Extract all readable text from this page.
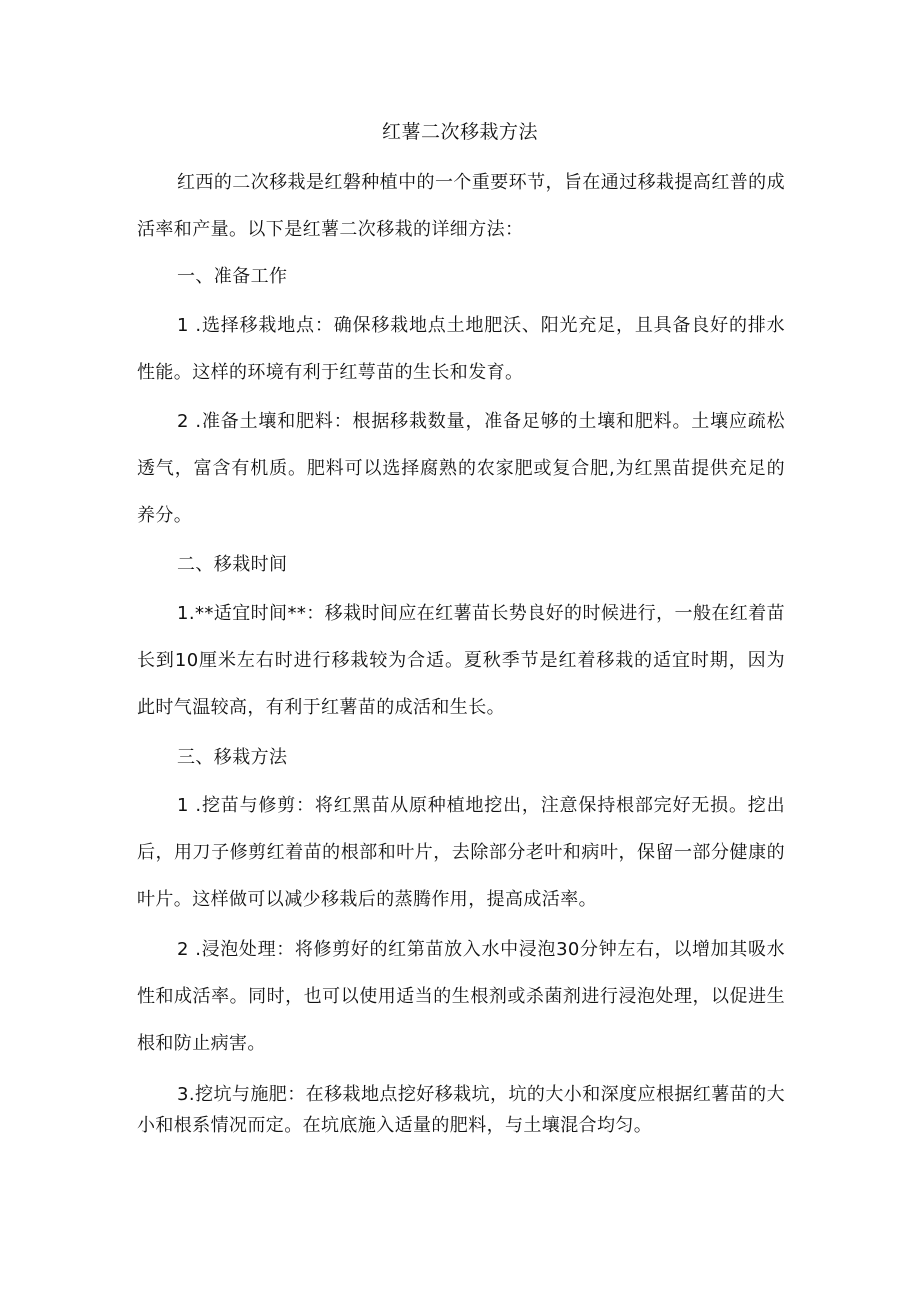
红薯二次移栽方法

红西的二次移栽是红磐种植中的一个重要环节，旨在通过移栽提高红普的成活率和产量。以下是红薯二次移栽的详细方法：

一、准备工作

1 .选择移栽地点：确保移栽地点土地肥沃、阳光充足，且具备良好的排水性能。这样的环境有利于红萼苗的生长和发育。

2 .准备土壤和肥料：根据移栽数量，准备足够的土壤和肥料。土壤应疏松透气，富含有机质。肥料可以选择腐熟的农家肥或复合肥,为红黑苗提供充足的养分。

二、移栽时间

1.**适宜时间**：移栽时间应在红薯苗长势良好的时候进行，一般在红着苗长到10厘米左右时进行移栽较为合适。夏秋季节是红着移栽的适宜时期，因为此时气温较高，有利于红薯苗的成活和生长。

三、移栽方法

1 .挖苗与修剪：将红黑苗从原种植地挖出，注意保持根部完好无损。挖出后，用刀子修剪红着苗的根部和叶片，去除部分老叶和病叶，保留一部分健康的叶片。这样做可以减少移栽后的蒸腾作用，提高成活率。

2 .浸泡处理：将修剪好的红第苗放入水中浸泡30分钟左右，以增加其吸水性和成活率。同时，也可以使用适当的生根剂或杀菌剂进行浸泡处理，以促进生根和防止病害。

3.挖坑与施肥：在移栽地点挖好移栽坑，坑的大小和深度应根据红薯苗的大小和根系情况而定。在坑底施入适量的肥料，与土壤混合均匀。
